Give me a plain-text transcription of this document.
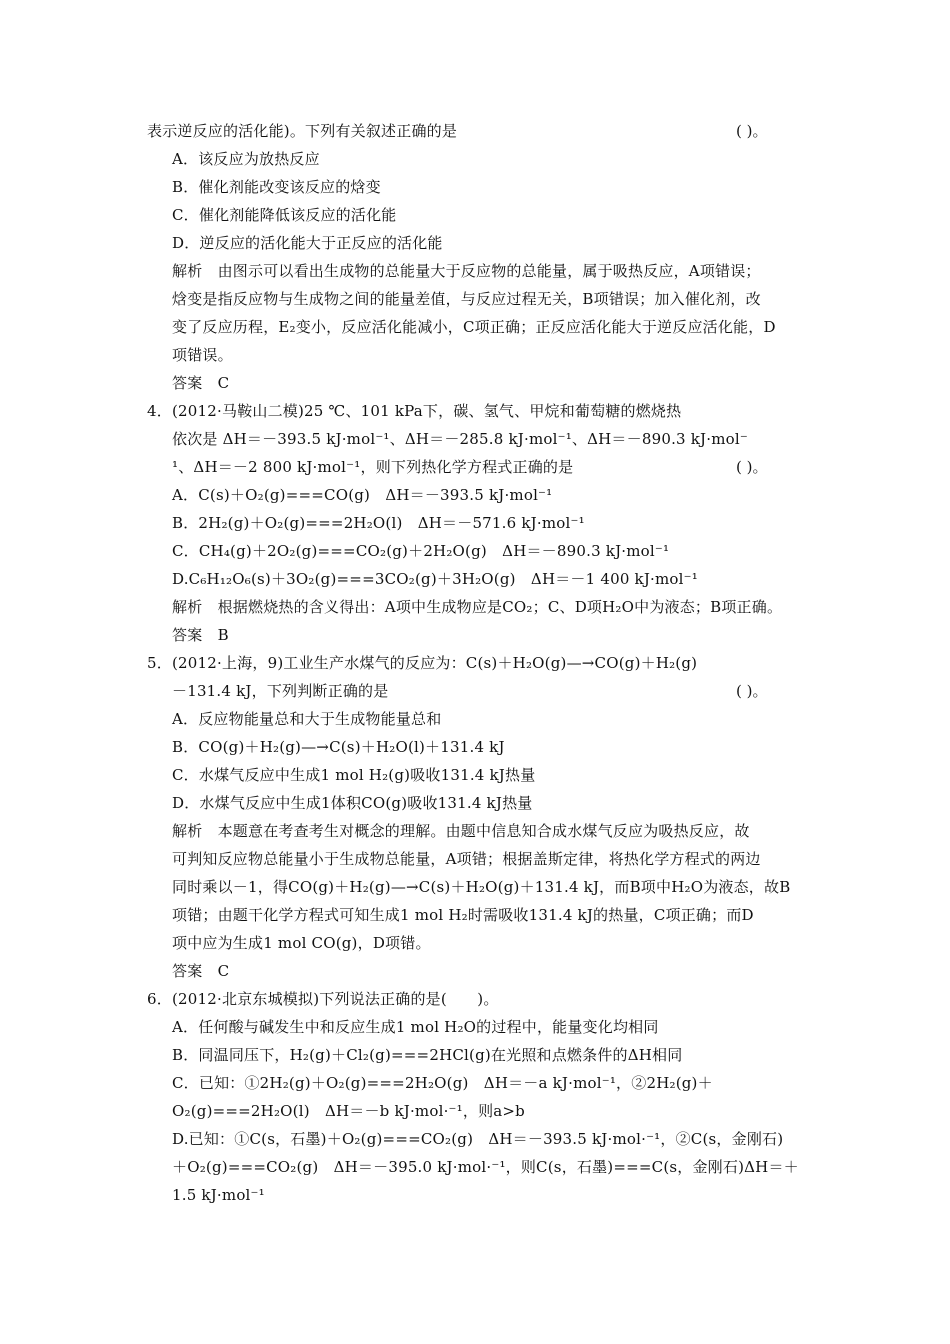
表示逆反应的活化能)。下列有关叙述正确的是	( )。
A．该反应为放热反应
B．催化剂能改变该反应的焓变
C．催化剂能降低该反应的活化能
D．逆反应的活化能大于正反应的活化能
解析　由图示可以看出生成物的总能量大于反应物的总能量，属于吸热反应，A项错误；
焓变是指反应物与生成物之间的能量差值，与反应过程无关，B项错误；加入催化剂，改
变了反应历程，E₂变小，反应活化能减小，C项正确；正反应活化能大于逆反应活化能，D
项错误。
答案　C
4．(2012·马鞍山二模)25 ℃、101 kPa下，碳、氢气、甲烷和葡萄糖的燃烧热
依次是 ΔH＝－393.5 kJ·mol⁻¹、ΔH＝－285.8 kJ·mol⁻¹、ΔH＝－890.3 kJ·mol⁻
¹、ΔH＝－2 800 kJ·mol⁻¹，则下列热化学方程式正确的是	( )。
A．C(s)＋O₂(g)===CO(g)　ΔH＝－393.5 kJ·mol⁻¹
B．2H₂(g)＋O₂(g)===2H₂O(l)　ΔH＝－571.6 kJ·mol⁻¹
C．CH₄(g)＋2O₂(g)===CO₂(g)＋2H₂O(g)　ΔH＝－890.3 kJ·mol⁻¹
D.C₆H₁₂O₆(s)＋3O₂(g)===3CO₂(g)＋3H₂O(g)　ΔH＝－1 400 kJ·mol⁻¹
解析　根据燃烧热的含义得出：A项中生成物应是CO₂；C、D项H₂O中为液态；B项正确。
答案　B
5．(2012·上海，9)工业生产水煤气的反应为：C(s)＋H₂O(g)—→CO(g)＋H₂(g)
－131.4 kJ，下列判断正确的是	( )。
A．反应物能量总和大于生成物能量总和
B．CO(g)＋H₂(g)—→C(s)＋H₂O(l)＋131.4 kJ
C．水煤气反应中生成1 mol H₂(g)吸收131.4 kJ热量
D．水煤气反应中生成1体积CO(g)吸收131.4 kJ热量
解析　本题意在考查考生对概念的理解。由题中信息知合成水煤气反应为吸热反应，故
可判知反应物总能量小于生成物总能量，A项错；根据盖斯定律，将热化学方程式的两边
同时乘以－1，得CO(g)＋H₂(g)—→C(s)＋H₂O(g)＋131.4 kJ，而B项中H₂O为液态，故B
项错；由题干化学方程式可知生成1 mol H₂时需吸收131.4 kJ的热量，C项正确；而D
项中应为生成1 mol CO(g)，D项错。
答案　C
6．(2012·北京东城模拟)下列说法正确的是(　　)。
A．任何酸与碱发生中和反应生成1 mol H₂O的过程中，能量变化均相同
B．同温同压下，H₂(g)＋Cl₂(g)===2HCl(g)在光照和点燃条件的ΔH相同
C．已知：①2H₂(g)＋O₂(g)===2H₂O(g)　ΔH＝－a kJ·mol⁻¹，②2H₂(g)＋
O₂(g)===2H₂O(l)　ΔH＝－b kJ·mol·⁻¹，则a>b
D.已知：①C(s，石墨)＋O₂(g)===CO₂(g)　ΔH＝－393.5 kJ·mol·⁻¹，②C(s，金刚石)
＋O₂(g)===CO₂(g)　ΔH＝－395.0 kJ·mol·⁻¹，则C(s，石墨)===C(s，金刚石)ΔH＝＋
1.5 kJ·mol⁻¹
